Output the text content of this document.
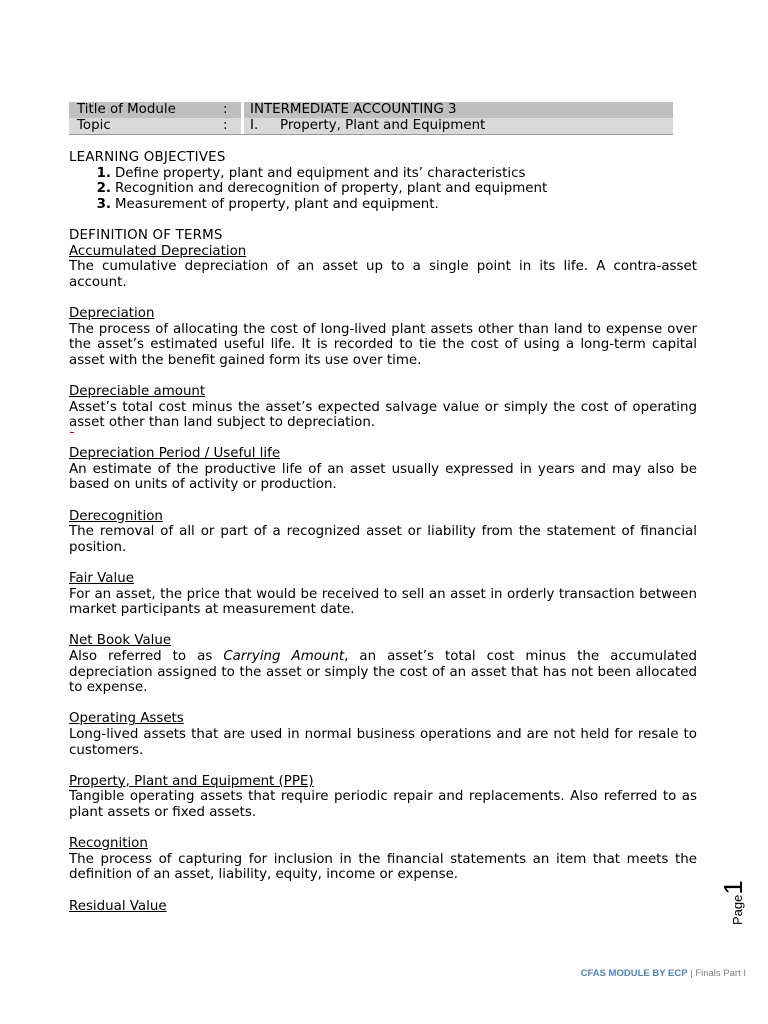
Title of Module	:	INTERMEDIATE ACCOUNTING 3
Topic	:	I. Property, Plant and Equipment
LEARNING OBJECTIVES
1. Define property, plant and equipment and its’ characteristics
2. Recognition and derecognition of property, plant and equipment
3. Measurement of property, plant and equipment.
DEFINITION OF TERMS
Accumulated Depreciation

The cumulative depreciation of an asset up to a single point in its life. A contra-asset account.

Depreciation

The process of allocating the cost of long-lived plant assets other than land to expense over the asset’s estimated useful life. It is recorded to tie the cost of using a long-term capital asset with the benefit gained form its use over time.

Depreciable amount

Asset’s total cost minus the asset’s expected salvage value or simply the cost of operating asset other than land subject to depreciation.

Depreciation Period / Useful life

An estimate of the productive life of an asset usually expressed in years and may also be based on units of activity or production.

Derecognition

The removal of all or part of a recognized asset or liability from the statement of financial position.

Fair Value

For an asset, the price that would be received to sell an asset in orderly transaction between market participants at measurement date.

Net Book Value

Also referred to as Carrying Amount, an asset’s total cost minus the accumulated depreciation assigned to the asset or simply the cost of an asset that has not been allocated to expense.

Operating Assets

Long-lived assets that are used in normal business operations and are not held for resale to customers.

Property, Plant and Equipment (PPE)

Tangible operating assets that require periodic repair and replacements. Also referred to as plant assets or fixed assets.

Recognition

The process of capturing for inclusion in the financial statements an item that meets the definition of an asset, liability, equity, income or expense.

Residual Value	Page1
CFAS MODULE BY ECP | Finals Part I
